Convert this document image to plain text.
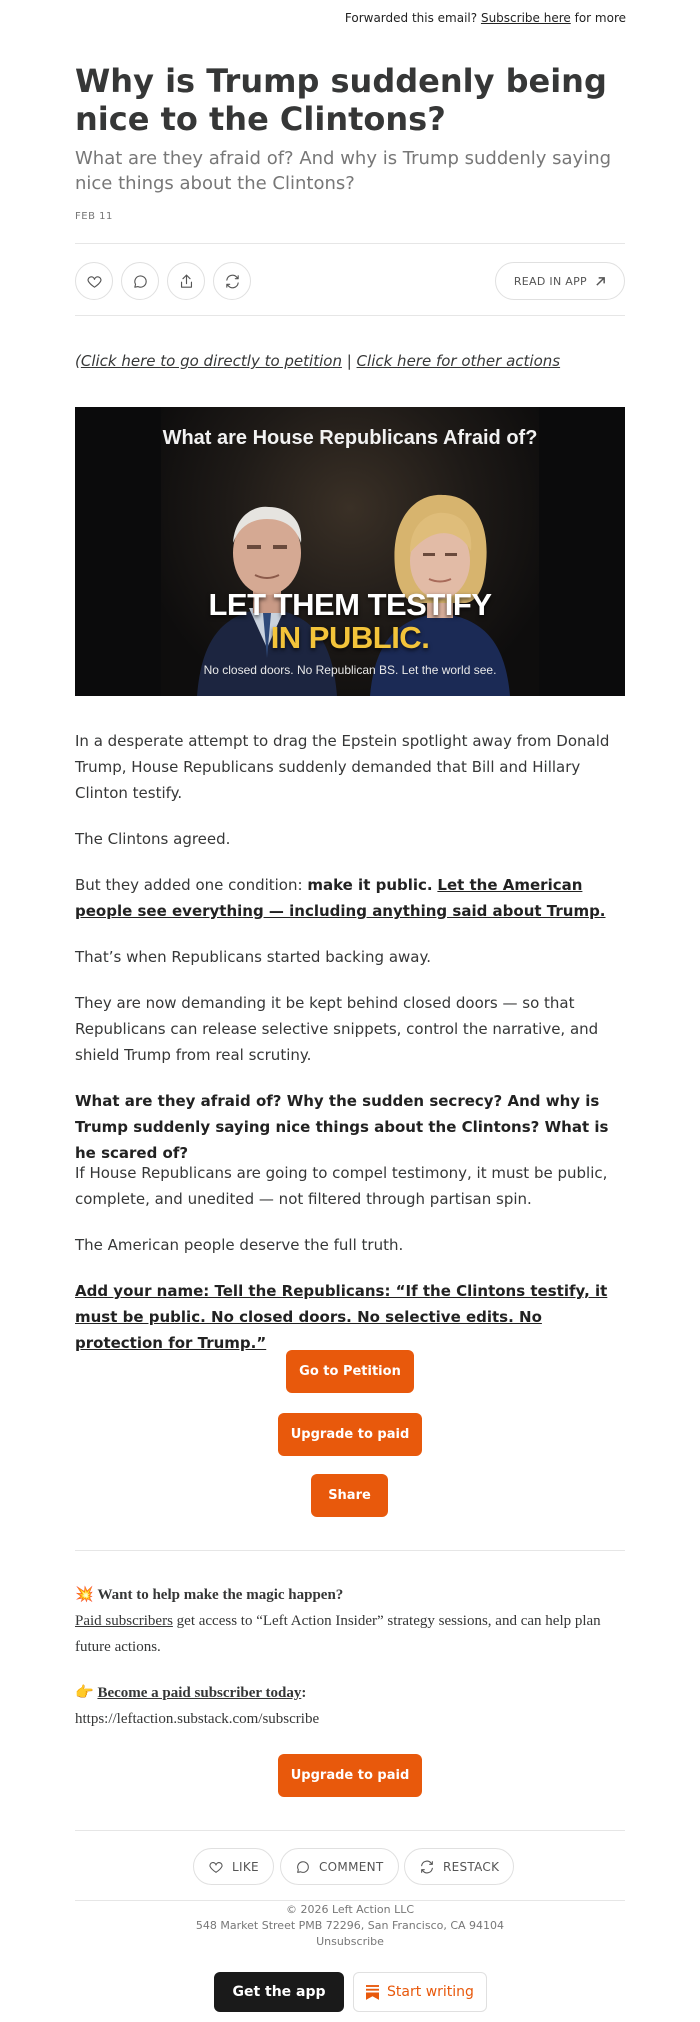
Forwarded this email? Subscribe here for more
Why is Trump suddenly being nice to the Clintons?
What are they afraid of? And why is Trump suddenly saying nice things about the Clintons?
FEB 11
READ IN APP
(Click here to go directly to petition | Click here for other actions
What are House Republicans Afraid of?
LET THEM TESTIFY
IN PUBLIC.
No closed doors. No Republican BS. Let the world see.

In a desperate attempt to drag the Epstein spotlight away from Donald Trump, House Republicans suddenly demanded that Bill and Hillary Clinton testify.

The Clintons agreed.

But they added one condition: make it public. Let the American people see everything — including anything said about Trump.

That’s when Republicans started backing away.

They are now demanding it be kept behind closed doors — so that Republicans can release selective snippets, control the narrative, and shield Trump from real scrutiny.

What are they afraid of? Why the sudden secrecy? And why is Trump suddenly saying nice things about the Clintons? What is he scared of?

If House Republicans are going to compel testimony, it must be public, complete, and unedited — not filtered through partisan spin.

The American people deserve the full truth.

Add your name: Tell the Republicans: “If the Clintons testify, it must be public. No closed doors. No selective edits. No protection for Trump.”

Go to Petition
Upgrade to paid
Share
💥 Want to help make the magic happen?
Paid subscribers get access to “Left Action Insider” strategy sessions, and can help plan future actions.
👉 Become a paid subscriber today:
https://leftaction.substack.com/subscribe
Upgrade to paid
LIKE	COMMENT	RESTACK
© 2026 Left Action LLC
548 Market Street PMB 72296, San Francisco, CA 94104
Unsubscribe
Get the app	Start writing
